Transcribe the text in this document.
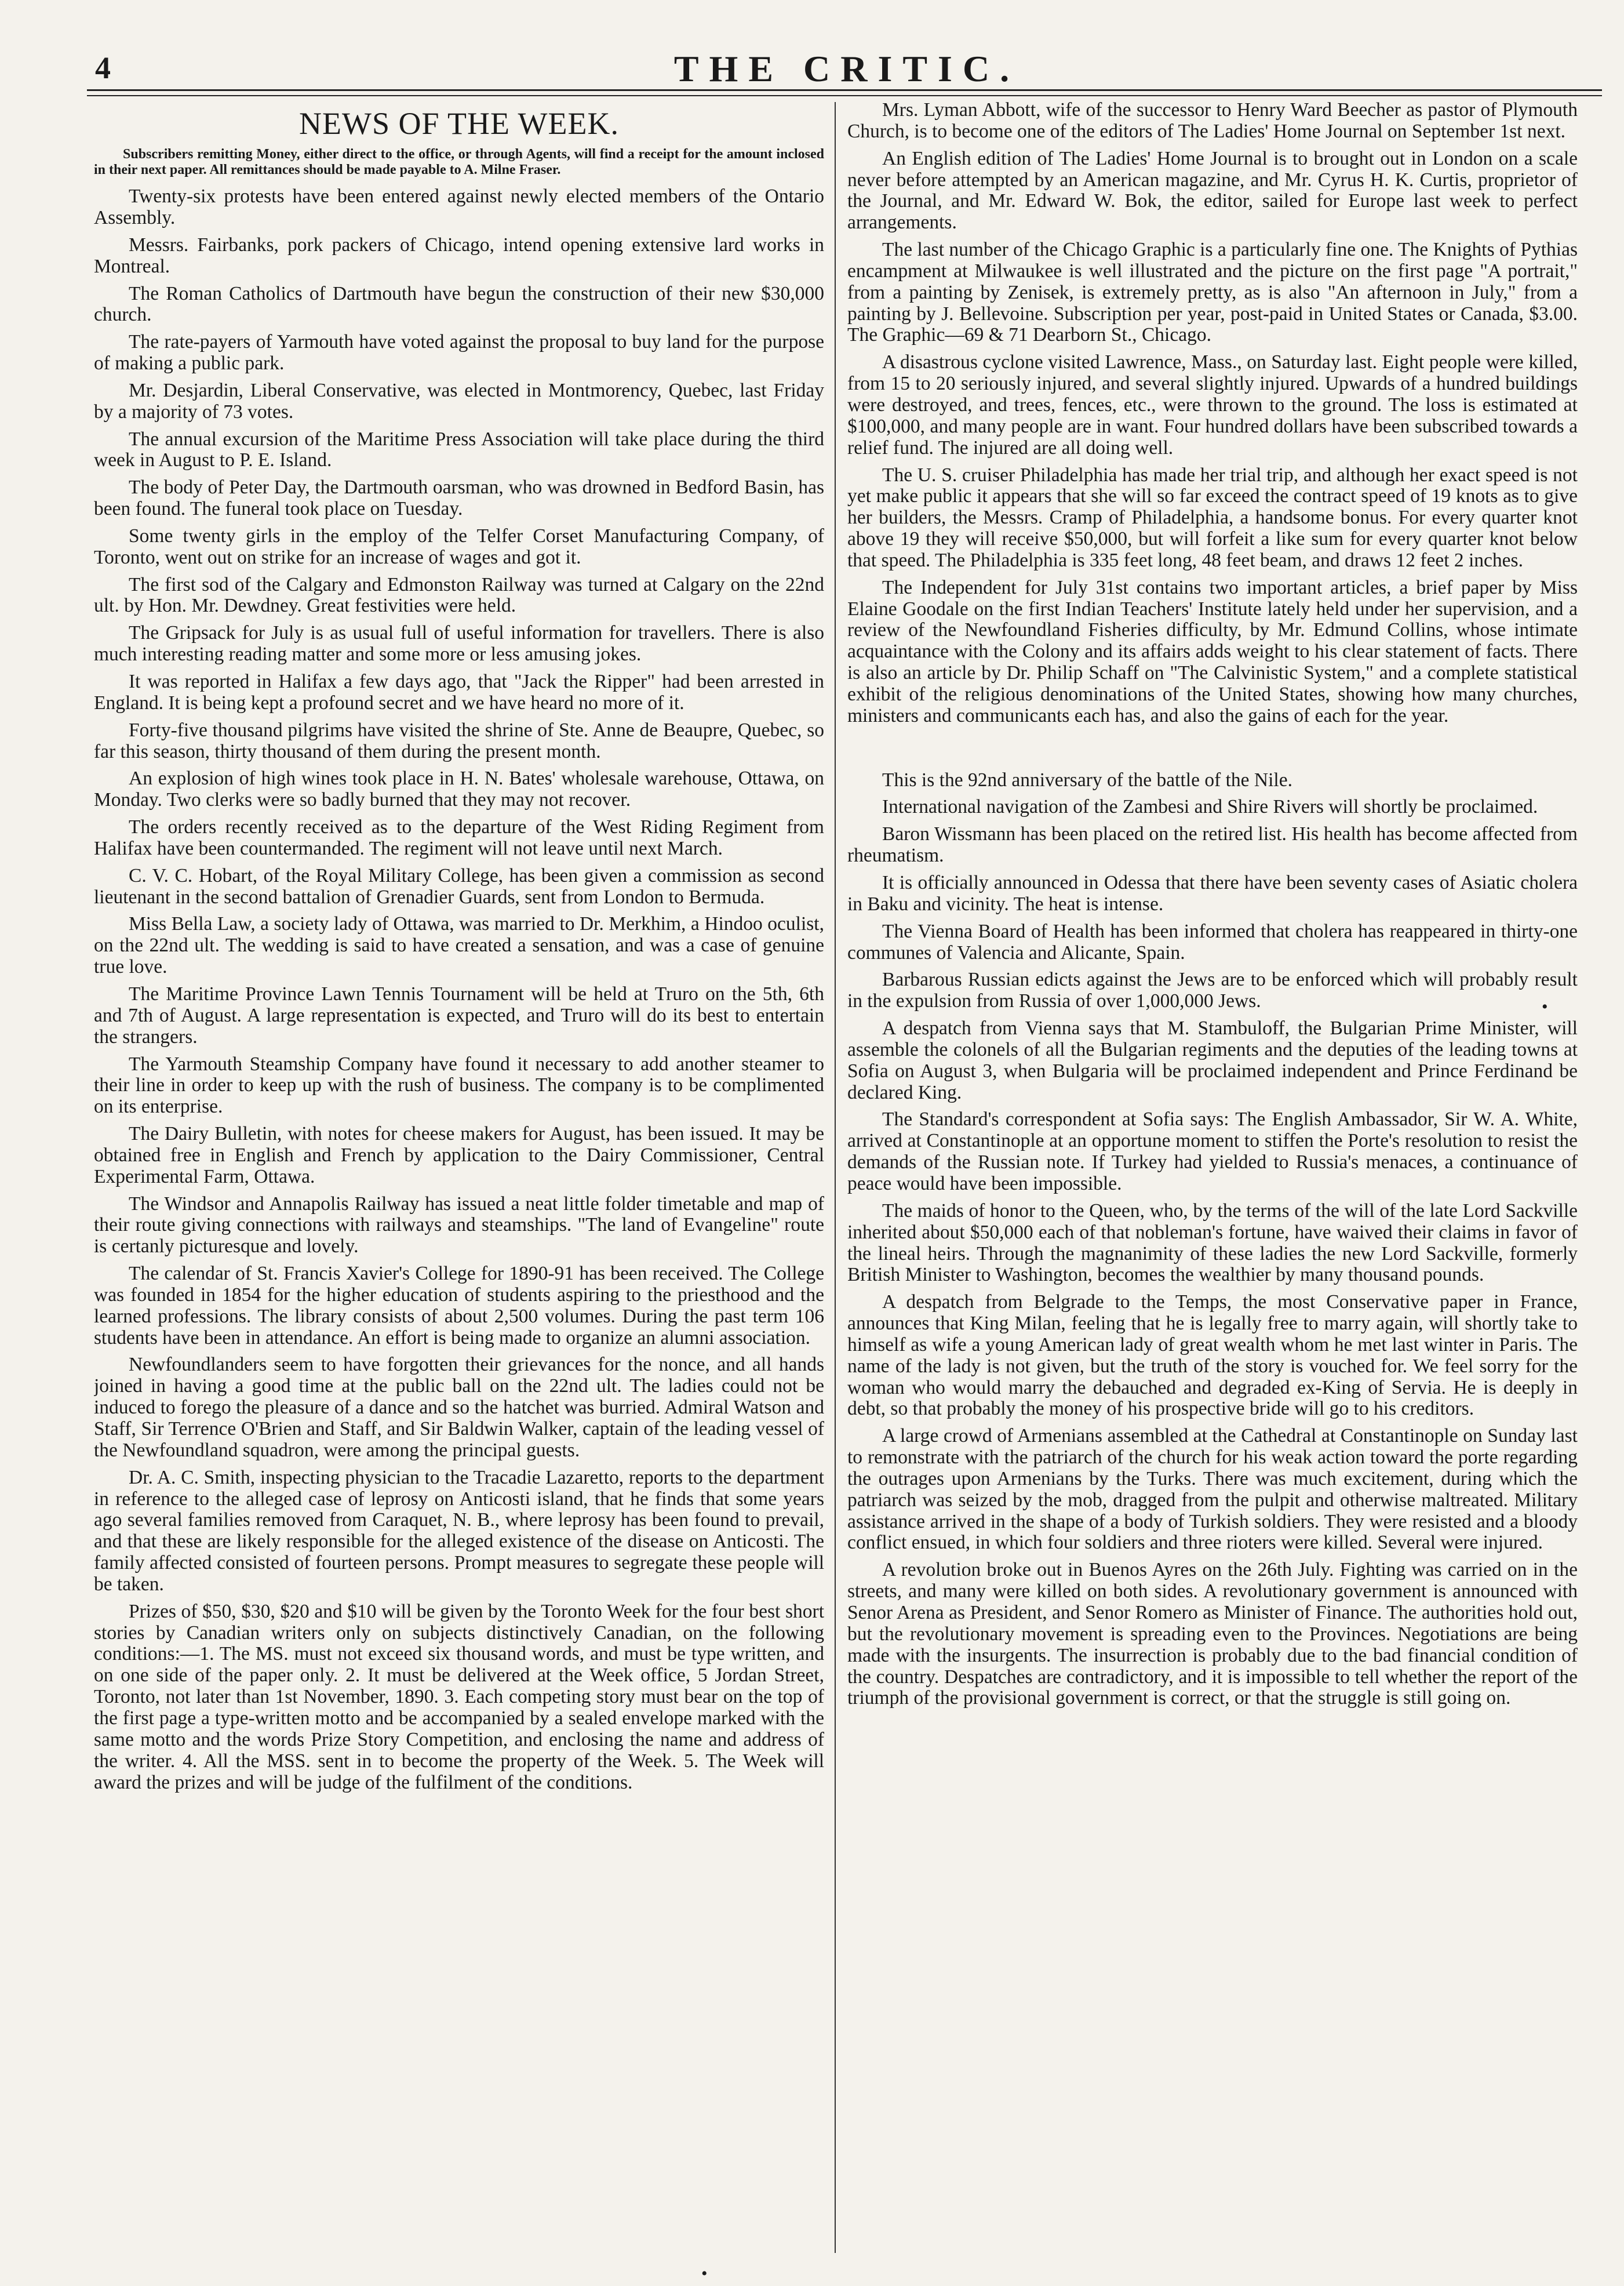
4	THE CRITIC.
NEWS OF THE WEEK.

Subscribers remitting Money, either direct to the office, or through Agents, will find a receipt for the amount inclosed in their next paper. All remittances should be made payable to A. Milne Fraser.

Twenty-six protests have been entered against newly elected members of the Ontario Assembly.

Messrs. Fairbanks, pork packers of Chicago, intend opening extensive lard works in Montreal.

The Roman Catholics of Dartmouth have begun the construction of their new $30,000 church.

The rate-payers of Yarmouth have voted against the proposal to buy land for the purpose of making a public park.

Mr. Desjardin, Liberal Conservative, was elected in Montmorency, Quebec, last Friday by a majority of 73 votes.

The annual excursion of the Maritime Press Association will take place during the third week in August to P. E. Island.

The body of Peter Day, the Dartmouth oarsman, who was drowned in Bedford Basin, has been found. The funeral took place on Tuesday.

Some twenty girls in the employ of the Telfer Corset Manufacturing Company, of Toronto, went out on strike for an increase of wages and got it.

The first sod of the Calgary and Edmonston Railway was turned at Calgary on the 22nd ult. by Hon. Mr. Dewdney. Great festivities were held.

The Gripsack for July is as usual full of useful information for travellers. There is also much interesting reading matter and some more or less amusing jokes.

It was reported in Halifax a few days ago, that "Jack the Ripper" had been arrested in England. It is being kept a profound secret and we have heard no more of it.

Forty-five thousand pilgrims have visited the shrine of Ste. Anne de Beaupre, Quebec, so far this season, thirty thousand of them during the present month.

An explosion of high wines took place in H. N. Bates' wholesale warehouse, Ottawa, on Monday. Two clerks were so badly burned that they may not recover.

The orders recently received as to the departure of the West Riding Regiment from Halifax have been countermanded. The regiment will not leave until next March.

C. V. C. Hobart, of the Royal Military College, has been given a commission as second lieutenant in the second battalion of Grenadier Guards, sent from London to Bermuda.

Miss Bella Law, a society lady of Ottawa, was married to Dr. Merkhim, a Hindoo oculist, on the 22nd ult. The wedding is said to have created a sensation, and was a case of genuine true love.

The Maritime Province Lawn Tennis Tournament will be held at Truro on the 5th, 6th and 7th of August. A large representation is expected, and Truro will do its best to entertain the strangers.

The Yarmouth Steamship Company have found it necessary to add another steamer to their line in order to keep up with the rush of business. The company is to be complimented on its enterprise.

The Dairy Bulletin, with notes for cheese makers for August, has been issued. It may be obtained free in English and French by application to the Dairy Commissioner, Central Experimental Farm, Ottawa.

The Windsor and Annapolis Railway has issued a neat little folder timetable and map of their route giving connections with railways and steamships. "The land of Evangeline" route is certanly picturesque and lovely.

The calendar of St. Francis Xavier's College for 1890-91 has been received. The College was founded in 1854 for the higher education of students aspiring to the priesthood and the learned professions. The library consists of about 2,500 volumes. During the past term 106 students have been in attendance. An effort is being made to organize an alumni association.

Newfoundlanders seem to have forgotten their grievances for the nonce, and all hands joined in having a good time at the public ball on the 22nd ult. The ladies could not be induced to forego the pleasure of a dance and so the hatchet was burried. Admiral Watson and Staff, Sir Terrence O'Brien and Staff, and Sir Baldwin Walker, captain of the leading vessel of the Newfoundland squadron, were among the principal guests.

Dr. A. C. Smith, inspecting physician to the Tracadie Lazaretto, reports to the department in reference to the alleged case of leprosy on Anticosti island, that he finds that some years ago several families removed from Caraquet, N. B., where leprosy has been found to prevail, and that these are likely responsible for the alleged existence of the disease on Anticosti. The family affected consisted of fourteen persons. Prompt measures to segregate these people will be taken.

Prizes of $50, $30, $20 and $10 will be given by the Toronto Week for the four best short stories by Canadian writers only on subjects distinctively Canadian, on the following conditions:—1. The MS. must not exceed six thousand words, and must be type written, and on one side of the paper only. 2. It must be delivered at the Week office, 5 Jordan Street, Toronto, not later than 1st November, 1890. 3. Each competing story must bear on the top of the first page a type-written motto and be accompanied by a sealed envelope marked with the same motto and the words Prize Story Competition, and enclosing the name and address of the writer. 4. All the MSS. sent in to become the property of the Week. 5. The Week will award the prizes and will be judge of the fulfilment of the conditions.

Mrs. Lyman Abbott, wife of the successor to Henry Ward Beecher as pastor of Plymouth Church, is to become one of the editors of The Ladies' Home Journal on September 1st next.

An English edition of The Ladies' Home Journal is to brought out in London on a scale never before attempted by an American magazine, and Mr. Cyrus H. K. Curtis, proprietor of the Journal, and Mr. Edward W. Bok, the editor, sailed for Europe last week to perfect arrangements.

The last number of the Chicago Graphic is a particularly fine one. The Knights of Pythias encampment at Milwaukee is well illustrated and the picture on the first page "A portrait," from a painting by Zenisek, is extremely pretty, as is also "An afternoon in July," from a painting by J. Bellevoine. Subscription per year, post-paid in United States or Canada, $3.00. The Graphic—69 & 71 Dearborn St., Chicago.

A disastrous cyclone visited Lawrence, Mass., on Saturday last. Eight people were killed, from 15 to 20 seriously injured, and several slightly injured. Upwards of a hundred buildings were destroyed, and trees, fences, etc., were thrown to the ground. The loss is estimated at $100,000, and many people are in want. Four hundred dollars have been subscribed towards a relief fund. The injured are all doing well.

The U. S. cruiser Philadelphia has made her trial trip, and although her exact speed is not yet make public it appears that she will so far exceed the contract speed of 19 knots as to give her builders, the Messrs. Cramp of Philadelphia, a handsome bonus. For every quarter knot above 19 they will receive $50,000, but will forfeit a like sum for every quarter knot below that speed. The Philadelphia is 335 feet long, 48 feet beam, and draws 12 feet 2 inches.

The Independent for July 31st contains two important articles, a brief paper by Miss Elaine Goodale on the first Indian Teachers' Institute lately held under her supervision, and a review of the Newfoundland Fisheries difficulty, by Mr. Edmund Collins, whose intimate acquaintance with the Colony and its affairs adds weight to his clear statement of facts. There is also an article by Dr. Philip Schaff on "The Calvinistic System," and a complete statistical exhibit of the religious denominations of the United States, showing how many churches, ministers and communicants each has, and also the gains of each for the year.

This is the 92nd anniversary of the battle of the Nile.

International navigation of the Zambesi and Shire Rivers will shortly be proclaimed.

Baron Wissmann has been placed on the retired list. His health has become affected from rheumatism.

It is officially announced in Odessa that there have been seventy cases of Asiatic cholera in Baku and vicinity. The heat is intense.

The Vienna Board of Health has been informed that cholera has reappeared in thirty-one communes of Valencia and Alicante, Spain.

Barbarous Russian edicts against the Jews are to be enforced which will probably result in the expulsion from Russia of over 1,000,000 Jews.

A despatch from Vienna says that M. Stambuloff, the Bulgarian Prime Minister, will assemble the colonels of all the Bulgarian regiments and the deputies of the leading towns at Sofia on August 3, when Bulgaria will be proclaimed independent and Prince Ferdinand be declared King.

The Standard's correspondent at Sofia says: The English Ambassador, Sir W. A. White, arrived at Constantinople at an opportune moment to stiffen the Porte's resolution to resist the demands of the Russian note. If Turkey had yielded to Russia's menaces, a continuance of peace would have been impossible.

The maids of honor to the Queen, who, by the terms of the will of the late Lord Sackville inherited about $50,000 each of that nobleman's fortune, have waived their claims in favor of the lineal heirs. Through the magnanimity of these ladies the new Lord Sackville, formerly British Minister to Washington, becomes the wealthier by many thousand pounds.

A despatch from Belgrade to the Temps, the most Conservative paper in France, announces that King Milan, feeling that he is legally free to marry again, will shortly take to himself as wife a young American lady of great wealth whom he met last winter in Paris. The name of the lady is not given, but the truth of the story is vouched for. We feel sorry for the woman who would marry the debauched and degraded ex-King of Servia. He is deeply in debt, so that probably the money of his prospective bride will go to his creditors.

A large crowd of Armenians assembled at the Cathedral at Constantinople on Sunday last to remonstrate with the patriarch of the church for his weak action toward the porte regarding the outrages upon Armenians by the Turks. There was much excitement, during which the patriarch was seized by the mob, dragged from the pulpit and otherwise maltreated. Military assistance arrived in the shape of a body of Turkish soldiers. They were resisted and a bloody conflict ensued, in which four soldiers and three rioters were killed. Several were injured.

A revolution broke out in Buenos Ayres on the 26th July. Fighting was carried on in the streets, and many were killed on both sides. A revolutionary government is announced with Senor Arena as President, and Senor Romero as Minister of Finance. The authorities hold out, but the revolutionary movement is spreading even to the Provinces. Negotiations are being made with the insurgents. The insurrection is probably due to the bad financial condition of the country. Despatches are contradictory, and it is impossible to tell whether the report of the triumph of the provisional government is correct, or that the struggle is still going on.

•
•
